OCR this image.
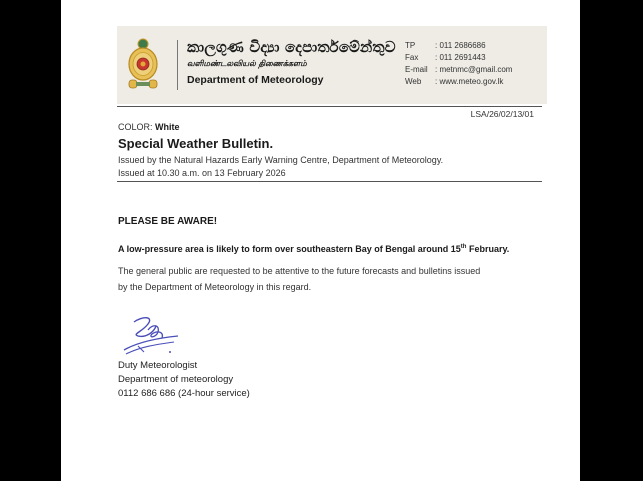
කාලගුණ විද්‍යා දෙපාර්තමේන්තුව
வளிமண்டலவியல் திணைக்களம்
Department of Meteorology
TP	: 011 2686686
Fax	: 011 2691443
E-mail : metnmc@gmail.com
Web	: www.meteo.gov.lk
LSA/26/02/13/01
COLOR: White
Special Weather Bulletin.
Issued by the Natural Hazards Early Warning Centre, Department of Meteorology.
Issued at 10.30 a.m. on 13 February 2026
PLEASE BE AWARE!
A low-pressure area is likely to form over southeastern Bay of Bengal around 15th February.
The general public are requested to be attentive to the future forecasts and bulletins issued
by the Department of Meteorology in this regard.
Duty Meteorologist
Department of meteorology
0112 686 686 (24-hour service)
